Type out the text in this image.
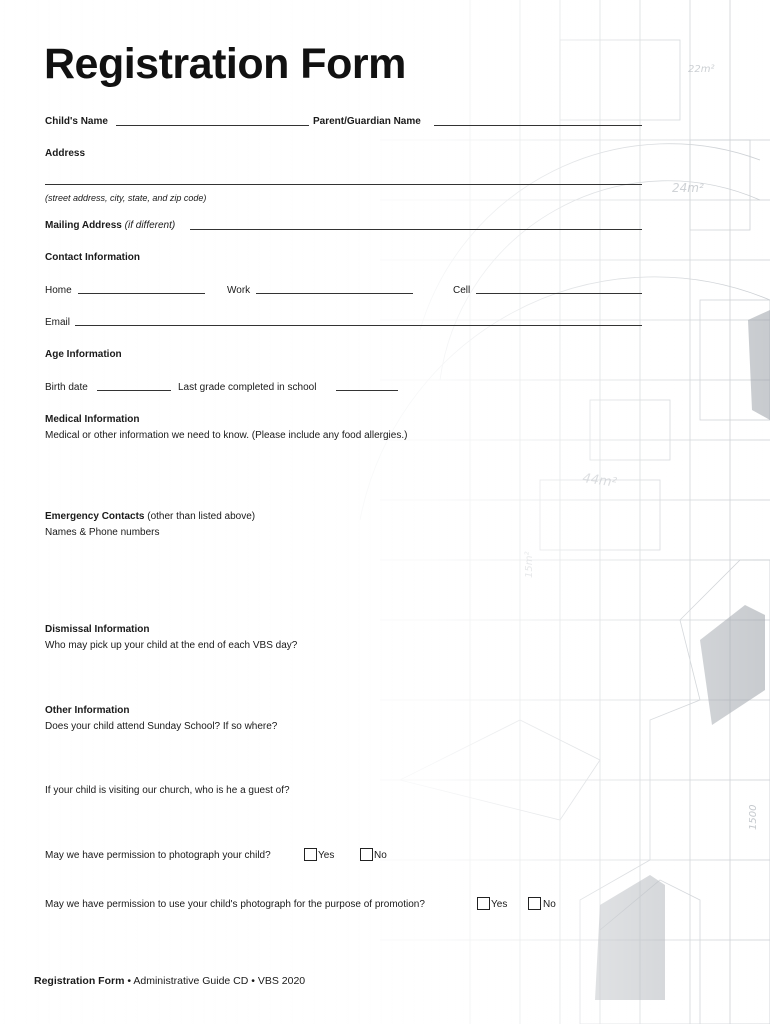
Registration Form
Child's Name	Parent/Guardian Name
Address
(street address, city, state, and zip code)
Mailing Address (if different)
Contact Information
Home	Work	Cell
Email
Age Information
Birth date	Last grade completed in school
Medical Information
Medical or other information we need to know. (Please include any food allergies.)
Emergency Contacts (other than listed above)
Names & Phone numbers
Dismissal Information
Who may pick up your child at the end of each VBS day?
Other Information
Does your child attend Sunday School? If so where?
If your child is visiting our church, who is he a guest of?
May we have permission to photograph your child?	Yes	No
May we have permission to use your child's photograph for the purpose of promotion?	Yes	No
Registration Form • Administrative Guide CD • VBS 2020
